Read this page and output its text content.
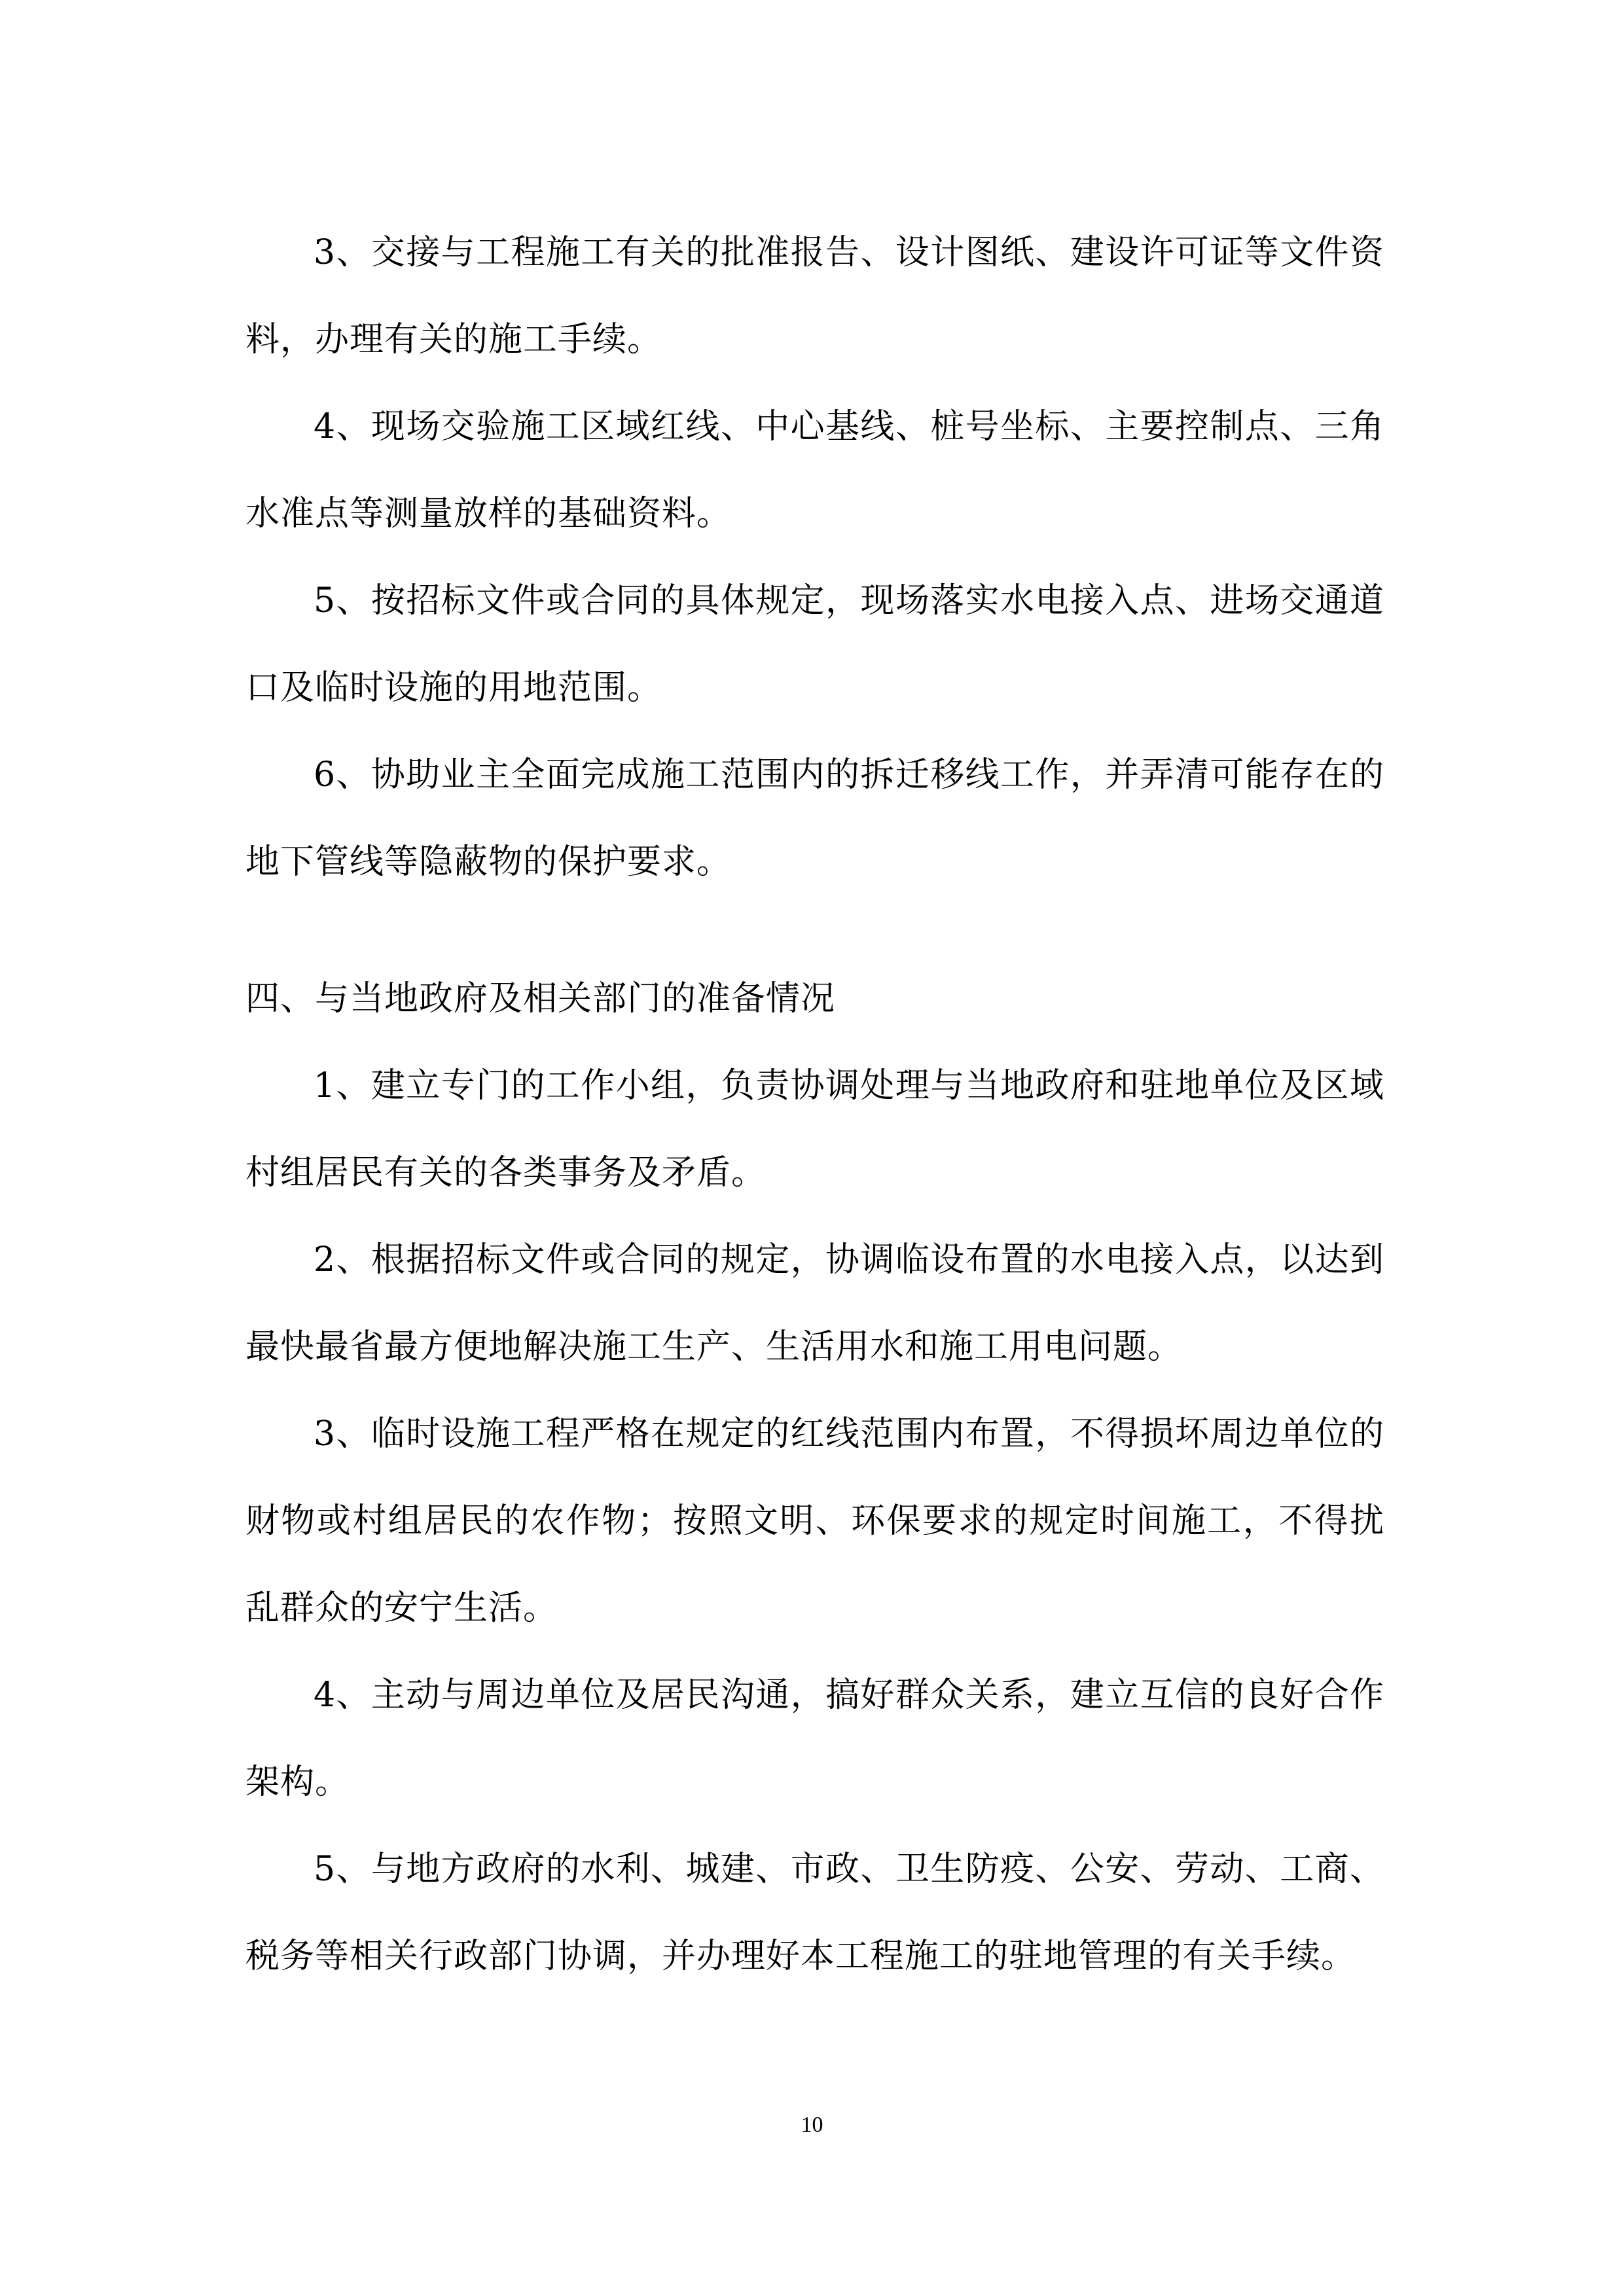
3、交接与工程施工有关的批准报告、设计图纸、建设许可证等文件资料，办理有关的施工手续。

4、现场交验施工区域红线、中心基线、桩号坐标、主要控制点、三角水准点等测量放样的基础资料。

5、按招标文件或合同的具体规定，现场落实水电接入点、进场交通道口及临时设施的用地范围。

6、协助业主全面完成施工范围内的拆迁移线工作，并弄清可能存在的地下管线等隐蔽物的保护要求。

四、与当地政府及相关部门的准备情况

1、建立专门的工作小组，负责协调处理与当地政府和驻地单位及区域村组居民有关的各类事务及矛盾。

2、根据招标文件或合同的规定，协调临设布置的水电接入点，以达到最快最省最方便地解决施工生产、生活用水和施工用电问题。

3、临时设施工程严格在规定的红线范围内布置，不得损坏周边单位的财物或村组居民的农作物；按照文明、环保要求的规定时间施工，不得扰乱群众的安宁生活。

4、主动与周边单位及居民沟通，搞好群众关系，建立互信的良好合作架构。

5、与地方政府的水利、城建、市政、卫生防疫、公安、劳动、工商、税务等相关行政部门协调，并办理好本工程施工的驻地管理的有关手续。

10
